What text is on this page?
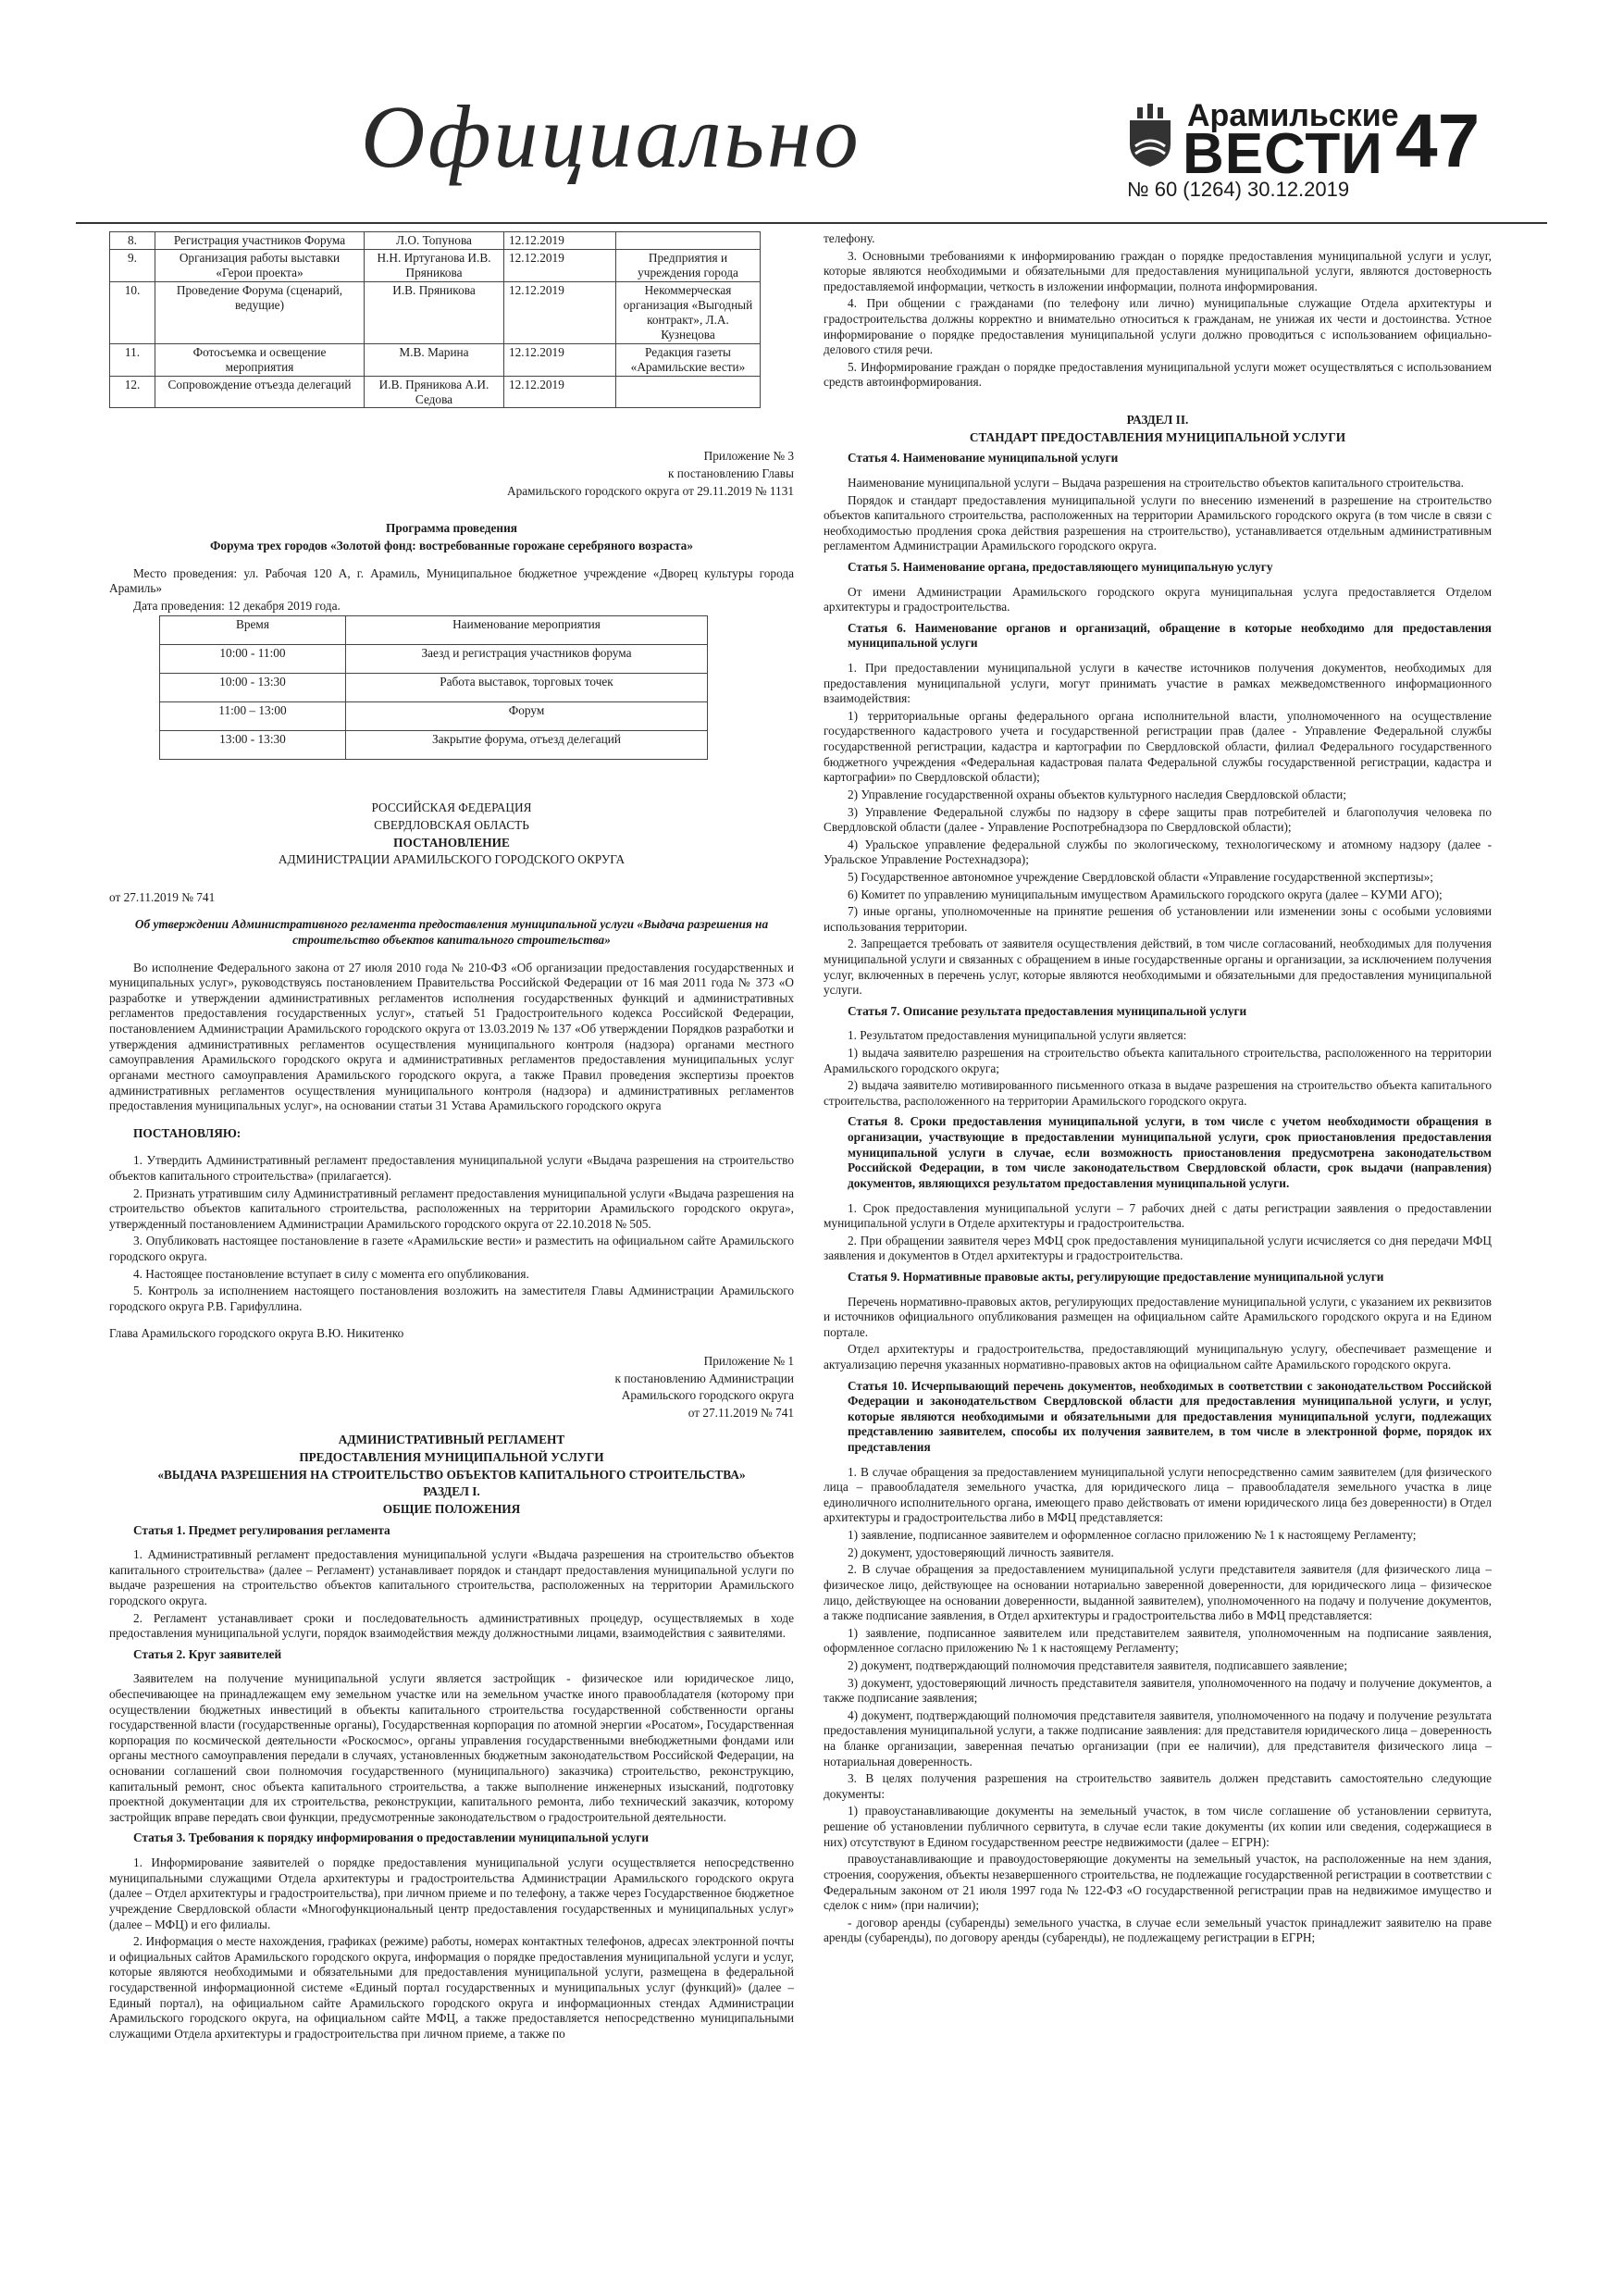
Официально	Арамильские
ВЕСТИ
№ 60 (1264) 30.12.2019
47
8.	Регистрация участников Форума	Л.О. Топунова	12.12.2019	
9.	Организация работы выставки «Герои проекта»	Н.Н. Иртуганова И.В. Пряникова	12.12.2019	Предприятия и учреждения города
10.	Проведение Форума (сценарий, ведущие)	И.В. Пряникова	12.12.2019	Некоммерческая организация «Выгодный контракт», Л.А. Кузнецова
11.	Фотосъемка и освещение мероприятия	М.В. Марина	12.12.2019	Редакция газеты «Арамильские вести»
12.	Сопровождение отъезда делегаций	И.В. Пряникова А.И. Седова	12.12.2019	

Приложение № 3

к постановлению Главы

Арамильского городского округа от 29.11.2019 № 1131

Программа проведения

Форума трех городов «Золотой фонд: востребованные горожане серебряного возраста»

Место проведения: ул. Рабочая 120 А, г. Арамиль, Муниципальное бюджетное учреждение «Дворец культуры города Арамиль»

Дата проведения: 12 декабря 2019 года.

Время	Наименование мероприятия
10:00 - 11:00	Заезд и регистрация участников форума
10:00 - 13:30	Работа выставок, торговых точек
11:00 – 13:00	Форум
13:00 - 13:30	Закрытие форума, отъезд делегаций

РОССИЙСКАЯ ФЕДЕРАЦИЯ

СВЕРДЛОВСКАЯ ОБЛАСТЬ

ПОСТАНОВЛЕНИЕ

АДМИНИСТРАЦИИ АРАМИЛЬСКОГО ГОРОДСКОГО ОКРУГА

от 27.11.2019 № 741

Об утверждении Административного регламента предоставления муниципальной услуги «Выдача разрешения на строительство объектов капитального строительства»

Во исполнение Федерального закона от 27 июля 2010 года № 210-ФЗ «Об организации предоставления государственных и муниципальных услуг», руководствуясь постановлением Правительства Российской Федерации от 16 мая 2011 года № 373 «О разработке и утверждении административных регламентов исполнения государственных функций и административных регламентов предоставления государственных услуг», статьей 51 Градостроительного кодекса Российской Федерации, постановлением Администрации Арамильского городского округа от 13.03.2019 № 137 «Об утверждении Порядков разработки и утверждения административных регламентов осуществления муниципального контроля (надзора) органами местного самоуправления Арамильского городского округа и административных регламентов предоставления муниципальных услуг органами местного самоуправления Арамильского городского округа, а также Правил проведения экспертизы проектов административных регламентов осуществления муниципального контроля (надзора) и административных регламентов предоставления муниципальных услуг», на основании статьи 31 Устава Арамильского городского округа

ПОСТАНОВЛЯЮ:

1. Утвердить Административный регламент предоставления муниципальной услуги «Выдача разрешения на строительство объектов капитального строительства» (прилагается).

2. Признать утратившим силу Административный регламент предоставления муниципальной услуги «Выдача разрешения на строительство объектов капитального строительства, расположенных на территории Арамильского городского округа», утвержденный постановлением Администрации Арамильского городского округа от 22.10.2018 № 505.

3. Опубликовать настоящее постановление в газете «Арамильские вести» и разместить на официальном сайте Арамильского городского округа.

4. Настоящее постановление вступает в силу с момента его опубликования.

5. Контроль за исполнением настоящего постановления возложить на заместителя Главы Администрации Арамильского городского округа Р.В. Гарифуллина.

Глава Арамильского городского округа В.Ю. Никитенко

Приложение № 1

к постановлению Администрации

Арамильского городского округа

от 27.11.2019 № 741

АДМИНИСТРАТИВНЫЙ РЕГЛАМЕНТ

ПРЕДОСТАВЛЕНИЯ МУНИЦИПАЛЬНОЙ УСЛУГИ

«ВЫДАЧА РАЗРЕШЕНИЯ НА СТРОИТЕЛЬСТВО ОБЪЕКТОВ КАПИТАЛЬНОГО СТРОИТЕЛЬСТВА»

РАЗДЕЛ I.

ОБЩИЕ ПОЛОЖЕНИЯ

Статья 1. Предмет регулирования регламента

1. Административный регламент предоставления муниципальной услуги «Выдача разрешения на строительство объектов капитального строительства» (далее – Регламент) устанавливает порядок и стандарт предоставления муниципальной услуги по выдаче разрешения на строительство объектов капитального строительства, расположенных на территории Арамильского городского округа.

2. Регламент устанавливает сроки и последовательность административных процедур, осуществляемых в ходе предоставления муниципальной услуги, порядок взаимодействия между должностными лицами, взаимодействия с заявителями.

Статья 2. Круг заявителей

Заявителем на получение муниципальной услуги является застройщик - физическое или юридическое лицо, обеспечивающее на принадлежащем ему земельном участке или на земельном участке иного правообладателя (которому при осуществлении бюджетных инвестиций в объекты капитального строительства государственной собственности органы государственной власти (государственные органы), Государственная корпорация по атомной энергии «Росатом», Государственная корпорация по космической деятельности «Роскосмос», органы управления государственными внебюджетными фондами или органы местного самоуправления передали в случаях, установленных бюджетным законодательством Российской Федерации, на основании соглашений свои полномочия государственного (муниципального) заказчика) строительство, реконструкцию, капитальный ремонт, снос объекта капитального строительства, а также выполнение инженерных изысканий, подготовку проектной документации для их строительства, реконструкции, капитального ремонта, либо технический заказчик, которому застройщик вправе передать свои функции, предусмотренные законодательством о градостроительной деятельности.

Статья 3. Требования к порядку информирования о предоставлении муниципальной услуги

1. Информирование заявителей о порядке предоставления муниципальной услуги осуществляется непосредственно муниципальными служащими Отдела архитектуры и градостроительства Администрации Арамильского городского округа (далее – Отдел архитектуры и градостроительства), при личном приеме и по телефону, а также через Государственное бюджетное учреждение Свердловской области «Многофункциональный центр предоставления государственных и муниципальных услуг» (далее – МФЦ) и его филиалы.

2. Информация о месте нахождения, графиках (режиме) работы, номерах контактных телефонов, адресах электронной почты и официальных сайтов Арамильского городского округа, информация о порядке предоставления муниципальной услуги и услуг, которые являются необходимыми и обязательными для предоставления муниципальной услуги, размещена в федеральной государственной информационной системе «Единый портал государственных и муниципальных услуг (функций)» (далее – Единый портал), на официальном сайте Арамильского городского округа и информационных стендах Администрации Арамильского городского округа, на официальном сайте МФЦ, а также предоставляется непосредственно муниципальными служащими Отдела архитектуры и градостроительства при личном приеме, а также по

телефону.

3. Основными требованиями к информированию граждан о порядке предоставления муниципальной услуги и услуг, которые являются необходимыми и обязательными для предоставления муниципальной услуги, являются достоверность предоставляемой информации, четкость в изложении информации, полнота информирования.

4. При общении с гражданами (по телефону или лично) муниципальные служащие Отдела архитектуры и градостроительства должны корректно и внимательно относиться к гражданам, не унижая их чести и достоинства. Устное информирование о порядке предоставления муниципальной услуги должно проводиться с использованием официально-делового стиля речи.

5. Информирование граждан о порядке предоставления муниципальной услуги может осуществляться с использованием средств автоинформирования.

РАЗДЕЛ II.

СТАНДАРТ ПРЕДОСТАВЛЕНИЯ МУНИЦИПАЛЬНОЙ УСЛУГИ

Статья 4. Наименование муниципальной услуги

Наименование муниципальной услуги – Выдача разрешения на строительство объектов капитального строительства.

Порядок и стандарт предоставления муниципальной услуги по внесению изменений в разрешение на строительство объектов капитального строительства, расположенных на территории Арамильского городского округа (в том числе в связи с необходимостью продления срока действия разрешения на строительство), устанавливается отдельным административным регламентом Администрации Арамильского городского округа.

Статья 5. Наименование органа, предоставляющего муниципальную услугу

От имени Администрации Арамильского городского округа муниципальная услуга предоставляется Отделом архитектуры и градостроительства.

Статья 6. Наименование органов и организаций, обращение в которые необходимо для предоставления муниципальной услуги

1. При предоставлении муниципальной услуги в качестве источников получения документов, необходимых для предоставления муниципальной услуги, могут принимать участие в рамках межведомственного информационного взаимодействия:

1) территориальные органы федерального органа исполнительной власти, уполномоченного на осуществление государственного кадастрового учета и государственной регистрации прав (далее - Управление Федеральной службы государственной регистрации, кадастра и картографии по Свердловской области, филиал Федерального государственного бюджетного учреждения «Федеральная кадастровая палата Федеральной службы государственной регистрации, кадастра и картографии» по Свердловской области);

2) Управление государственной охраны объектов культурного наследия Свердловской области;

3) Управление Федеральной службы по надзору в сфере защиты прав потребителей и благополучия человека по Свердловской области (далее - Управление Роспотребнадзора по Свердловской области);

4) Уральское управление федеральной службы по экологическому, технологическому и атомному надзору (далее - Уральское Управление Ростехнадзора);

5) Государственное автономное учреждение Свердловской области «Управление государственной экспертизы»;

6) Комитет по управлению муниципальным имуществом Арамильского городского округа (далее – КУМИ АГО);

7) иные органы, уполномоченные на принятие решения об установлении или изменении зоны с особыми условиями использования территории.

2. Запрещается требовать от заявителя осуществления действий, в том числе согласований, необходимых для получения муниципальной услуги и связанных с обращением в иные государственные органы и организации, за исключением получения услуг, включенных в перечень услуг, которые являются необходимыми и обязательными для предоставления муниципальной услуги.

Статья 7. Описание результата предоставления муниципальной услуги

1. Результатом предоставления муниципальной услуги является:

1) выдача заявителю разрешения на строительство объекта капитального строительства, расположенного на территории Арамильского городского округа;

2) выдача заявителю мотивированного письменного отказа в выдаче разрешения на строительство объекта капитального строительства, расположенного на территории Арамильского городского округа.

Статья 8. Сроки предоставления муниципальной услуги, в том числе с учетом необходимости обращения в организации, участвующие в предоставлении муниципальной услуги, срок приостановления предоставления муниципальной услуги в случае, если возможность приостановления предусмотрена законодательством Российской Федерации, в том числе законодательством Свердловской области, срок выдачи (направления) документов, являющихся результатом предоставления муниципальной услуги.

1. Срок предоставления муниципальной услуги – 7 рабочих дней с даты регистрации заявления о предоставлении муниципальной услуги в Отделе архитектуры и градостроительства.

2. При обращении заявителя через МФЦ срок предоставления муниципальной услуги исчисляется со дня передачи МФЦ заявления и документов в Отдел архитектуры и градостроительства.

Статья 9. Нормативные правовые акты, регулирующие предоставление муниципальной услуги

Перечень нормативно-правовых актов, регулирующих предоставление муниципальной услуги, с указанием их реквизитов и источников официального опубликования размещен на официальном сайте Арамильского городского округа и на Едином портале.

Отдел архитектуры и градостроительства, предоставляющий муниципальную услугу, обеспечивает размещение и актуализацию перечня указанных нормативно-правовых актов на официальном сайте Арамильского городского округа.

Статья 10. Исчерпывающий перечень документов, необходимых в соответствии с законодательством Российской Федерации и законодательством Свердловской области для предоставления муниципальной услуги, и услуг, которые являются необходимыми и обязательными для предоставления муниципальной услуги, подлежащих представлению заявителем, способы их получения заявителем, в том числе в электронной форме, порядок их представления

1. В случае обращения за предоставлением муниципальной услуги непосредственно самим заявителем (для физического лица – правообладателя земельного участка, для юридического лица – правообладателя земельного участка в лице единоличного исполнительного органа, имеющего право действовать от имени юридического лица без доверенности) в Отдел архитектуры и градостроительства либо в МФЦ представляется:

1) заявление, подписанное заявителем и оформленное согласно приложению № 1 к настоящему Регламенту;

2) документ, удостоверяющий личность заявителя.

2. В случае обращения за предоставлением муниципальной услуги представителя заявителя (для физического лица – физическое лицо, действующее на основании нотариально заверенной доверенности, для юридического лица – физическое лицо, действующее на основании доверенности, выданной заявителем), уполномоченного на подачу и получение документов, а также подписание заявления, в Отдел архитектуры и градостроительства либо в МФЦ представляется:

1) заявление, подписанное заявителем или представителем заявителя, уполномоченным на подписание заявления, оформленное согласно приложению № 1 к настоящему Регламенту;

2) документ, подтверждающий полномочия представителя заявителя, подписавшего заявление;

3) документ, удостоверяющий личность представителя заявителя, уполномоченного на подачу и получение документов, а также подписание заявления;

4) документ, подтверждающий полномочия представителя заявителя, уполномоченного на подачу и получение результата предоставления муниципальной услуги, а также подписание заявления: для представителя юридического лица – доверенность на бланке организации, заверенная печатью организации (при ее наличии), для представителя физического лица – нотариальная доверенность.

3. В целях получения разрешения на строительство заявитель должен представить самостоятельно следующие документы:

1) правоустанавливающие документы на земельный участок, в том числе соглашение об установлении сервитута, решение об установлении публичного сервитута, в случае если такие документы (их копии или сведения, содержащиеся в них) отсутствуют в Едином государственном реестре недвижимости (далее – ЕГРН):

правоустанавливающие и правоудостоверяющие документы на земельный участок, на расположенные на нем здания, строения, сооружения, объекты незавершенного строительства, не подлежащие государственной регистрации в соответствии с Федеральным законом от 21 июля 1997 года № 122-ФЗ «О государственной регистрации прав на недвижимое имущество и сделок с ним» (при наличии);

- договор аренды (субаренды) земельного участка, в случае если земельный участок принадлежит заявителю на праве аренды (субаренды), по договору аренды (субаренды), не подлежащему регистрации в ЕГРН;
